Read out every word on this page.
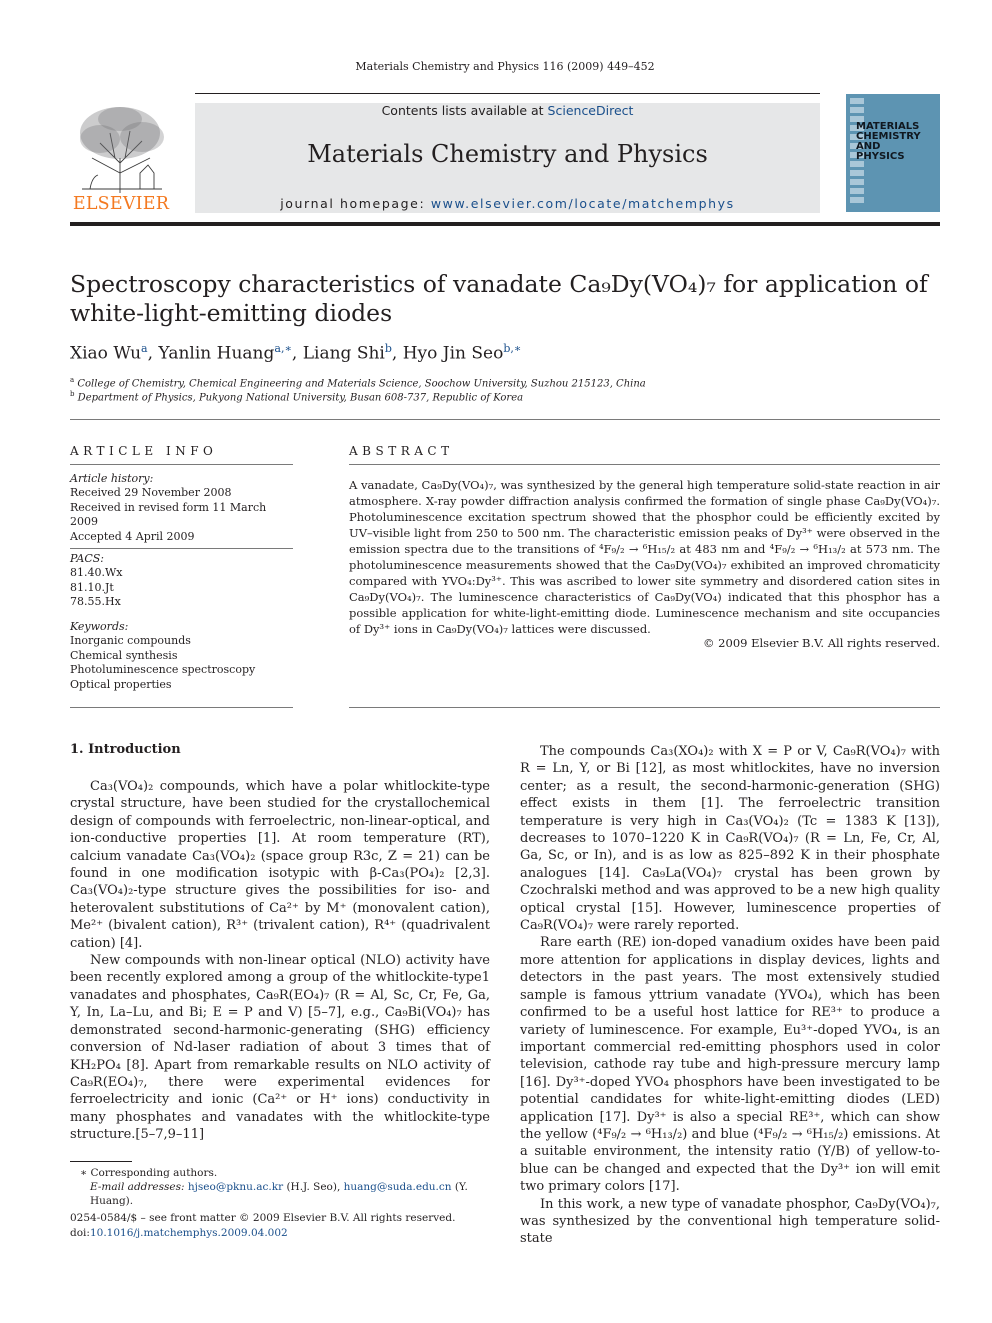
Materials Chemistry and Physics 116 (2009) 449–452
ELSEVIER
Contents lists available at ScienceDirect
Materials Chemistry and Physics
journal homepage: www.elsevier.com/locate/matchemphys
MATERIALS
CHEMISTRY AND
PHYSICS
Spectroscopy characteristics of vanadate Ca₉Dy(VO₄)₇ for application of
white-light-emitting diodes
Xiao Wu$^a$, Yanlin Huang$^{a,∗}$, Liang Shi$^b$, Hyo Jin Seo$^{b,∗}$
$^a$ College of Chemistry, Chemical Engineering and Materials Science, Soochow University, Suzhou 215123, China
$^b$ Department of Physics, Pukyong National University, Busan 608-737, Republic of Korea
ARTICLE INFO
Article history:
Received 29 November 2008
Received in revised form 11 March 2009
Accepted 4 April 2009
PACS:
81.40.Wx
81.10.Jt
78.55.Hx
Keywords:
Inorganic compounds
Chemical synthesis
Photoluminescence spectroscopy
Optical properties
ABSTRACT
A vanadate, Ca₉Dy(VO₄)₇, was synthesized by the general high temperature solid-state reaction in air atmosphere. X-ray powder diffraction analysis confirmed the formation of single phase Ca₉Dy(VO₄)₇. Photoluminescence excitation spectrum showed that the phosphor could be efficiently excited by UV–visible light from 250 to 500 nm. The characteristic emission peaks of Dy³⁺ were observed in the emission spectra due to the transitions of ⁴F₉/₂ → ⁶H₁₅/₂ at 483 nm and ⁴F₉/₂ → ⁶H₁₃/₂ at 573 nm. The photoluminescence measurements showed that the Ca₉Dy(VO₄)₇ exhibited an improved chromaticity compared with YVO₄:Dy³⁺. This was ascribed to lower site symmetry and disordered cation sites in Ca₉Dy(VO₄)₇. The luminescence characteristics of Ca₉Dy(VO₄) indicated that this phosphor has a possible application for white-light-emitting diode. Luminescence mechanism and site occupancies of Dy³⁺ ions in Ca₉Dy(VO₄)₇ lattices were discussed.
© 2009 Elsevier B.V. All rights reserved.
1. Introduction

Ca₃(VO₄)₂ compounds, which have a polar whitlockite-type crystal structure, have been studied for the crystallochemical design of compounds with ferroelectric, non-linear-optical, and ion-conductive properties [1]. At room temperature (RT), calcium vanadate Ca₃(VO₄)₂ (space group R3c, Z = 21) can be found in one modification isotypic with β-Ca₃(PO₄)₂ [2,3]. Ca₃(VO₄)₂-type structure gives the possibilities for iso- and heterovalent substitutions of Ca²⁺ by M⁺ (monovalent cation), Me²⁺ (bivalent cation), R³⁺ (trivalent cation), R⁴⁺ (quadrivalent cation) [4].

New compounds with non-linear optical (NLO) activity have been recently explored among a group of the whitlockite-type1 vanadates and phosphates, Ca₉R(EO₄)₇ (R = Al, Sc, Cr, Fe, Ga, Y, In, La–Lu, and Bi; E = P and V) [5–7], e.g., Ca₉Bi(VO₄)₇ has demonstrated second-harmonic-generating (SHG) efficiency conversion of Nd-laser radiation of about 3 times that of KH₂PO₄ [8]. Apart from remarkable results on NLO activity of Ca₉R(EO₄)₇, there were experimental evidences for ferroelectricity and ionic (Ca²⁺ or H⁺ ions) conductivity in many phosphates and vanadates with the whitlockite-type structure.[5–7,9–11]

The compounds Ca₃(XO₄)₂ with X = P or V, Ca₉R(VO₄)₇ with R = Ln, Y, or Bi [12], as most whitlockites, have no inversion center; as a result, the second-harmonic-generation (SHG) effect exists in them [1]. The ferroelectric transition temperature is very high in Ca₃(VO₄)₂ (Tc = 1383 K [13]), decreases to 1070–1220 K in Ca₉R(VO₄)₇ (R = Ln, Fe, Cr, Al, Ga, Sc, or In), and is as low as 825–892 K in their phosphate analogues [14]. Ca₉La(VO₄)₇ crystal has been grown by Czochralski method and was approved to be a new high quality optical crystal [15]. However, luminescence properties of Ca₉R(VO₄)₇ were rarely reported.

Rare earth (RE) ion-doped vanadium oxides have been paid more attention for applications in display devices, lights and detectors in the past years. The most extensively studied sample is famous yttrium vanadate (YVO₄), which has been confirmed to be a useful host lattice for RE³⁺ to produce a variety of luminescence. For example, Eu³⁺-doped YVO₄, is an important commercial red-emitting phosphors used in color television, cathode ray tube and high-pressure mercury lamp [16]. Dy³⁺-doped YVO₄ phosphors have been investigated to be potential candidates for white-light-emitting diodes (LED) application [17]. Dy³⁺ is also a special RE³⁺, which can show the yellow (⁴F₉/₂ → ⁶H₁₃/₂) and blue (⁴F₉/₂ → ⁶H₁₅/₂) emissions. At a suitable environment, the intensity ratio (Y/B) of yellow-to-blue can be changed and expected that the Dy³⁺ ion will emit two primary colors [17].

In this work, a new type of vanadate phosphor, Ca₉Dy(VO₄)₇, was synthesized by the conventional high temperature solid-state

∗ Corresponding authors.
E-mail addresses: hjseo@pknu.ac.kr (H.J. Seo), huang@suda.edu.cn (Y. Huang).
0254-0584/$ – see front matter © 2009 Elsevier B.V. All rights reserved.
doi:10.1016/j.matchemphys.2009.04.002
